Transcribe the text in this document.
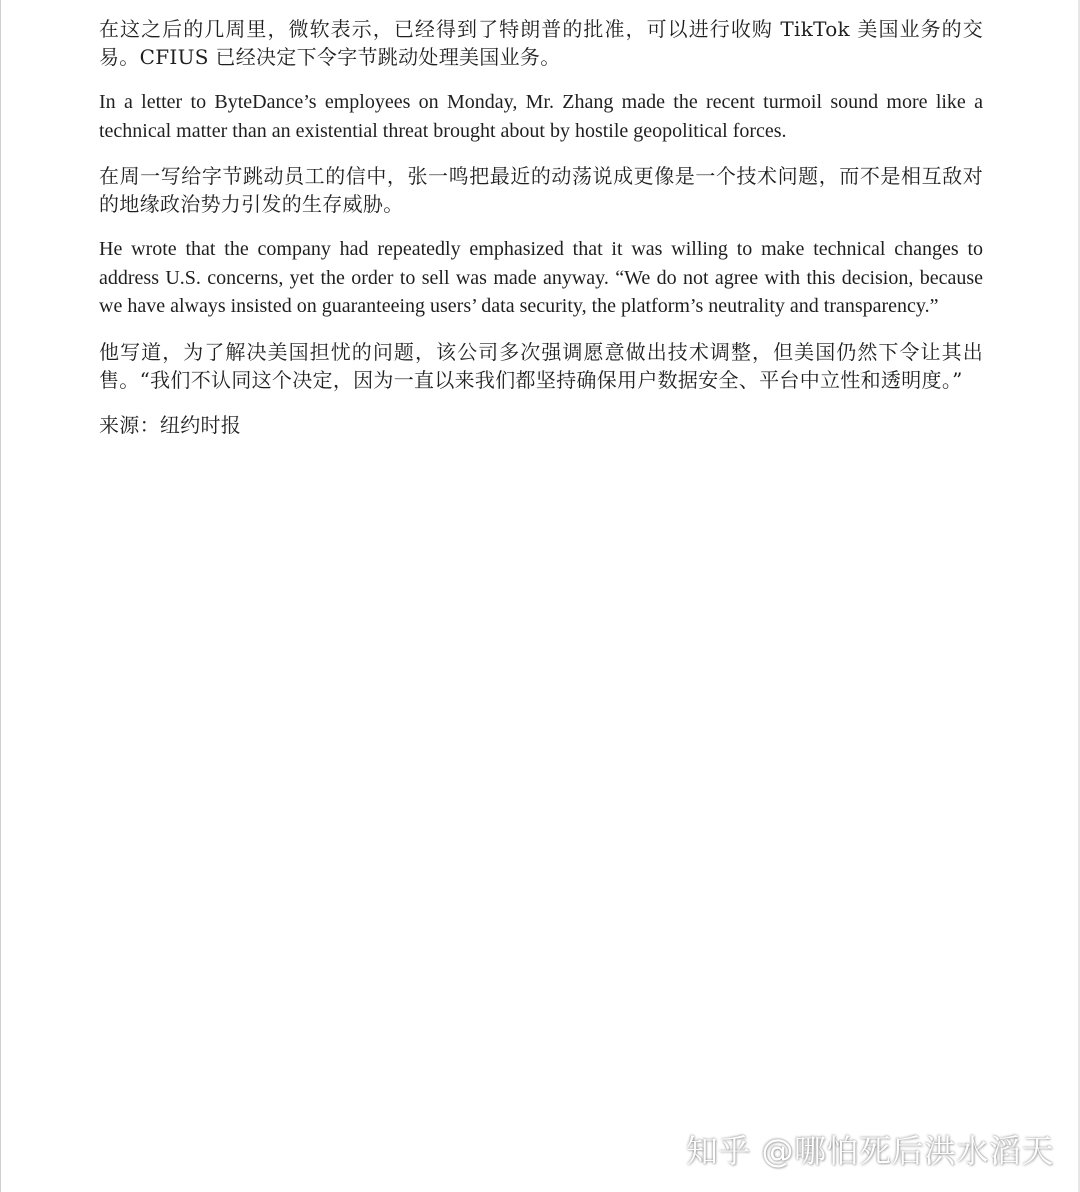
在这之后的几周里，微软表示，已经得到了特朗普的批准，可以进行收购 TikTok 美国业务的交易。CFIUS 已经决定下令字节跳动处理美国业务。

In a letter to ByteDance’s employees on Monday, Mr. Zhang made the recent turmoil sound more like a technical matter than an existential threat brought about by hostile geopolitical forces.

在周一写给字节跳动员工的信中，张一鸣把最近的动荡说成更像是一个技术问题，而不是相互敌对的地缘政治势力引发的生存威胁。

He wrote that the company had repeatedly emphasized that it was willing to make technical changes to address U.S. concerns, yet the order to sell was made anyway. “We do not agree with this decision, because we have always insisted on guaranteeing users’ data security, the platform’s neutrality and transparency.”

他写道，为了解决美国担忧的问题，该公司多次强调愿意做出技术调整，但美国仍然下令让其出售。“我们不认同这个决定，因为一直以来我们都坚持确保用户数据安全、平台中立性和透明度。”

来源：纽约时报

知乎 @哪怕死后洪水滔天
